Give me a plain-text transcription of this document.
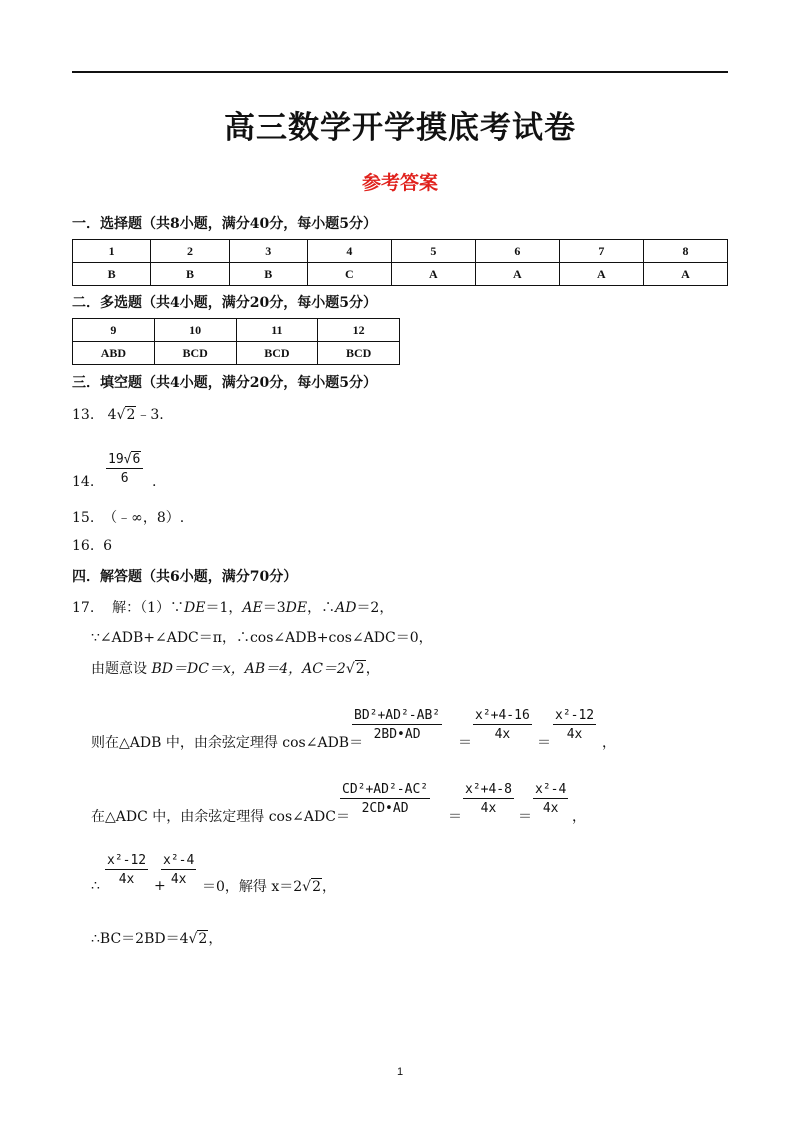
高三数学开学摸底考试卷
参考答案
一．选择题（共8小题，满分40分，每小题5分）
1	2	3	4	5	6	7	8
B	B	B	C	A	A	A	A
二．多选题（共4小题，满分20分，每小题5分）
9	10	11	12
ABD	BCD	BCD	BCD
三．填空题（共4小题，满分20分，每小题5分）
13. 4√2﹣3.
14. $\frac{19√6}{6}$ .
15. （﹣∞，8）.
16. 6
四．解答题（共6小题，满分70分）
17. 解：（1）∵DE＝1，AE＝3DE，∴AD＝2，
∵∠ADB+∠ADC＝π，∴cos∠ADB+cos∠ADC＝0，
由题意设 BD＝DC＝x，AB＝4，AC＝2√2，
则在△ADB 中，由余弦定理得 cos∠ADB＝
$\frac{\text{BD²+AD²-AB²}}{2BD•AD}$
＝
$\frac{\text{x²+4-16}}{4x}$
＝
$\frac{\text{x²-12}}{4x}$
，
在△ADC 中，由余弦定理得 cos∠ADC＝
$\frac{\text{CD²+AD²-AC²}}{2CD•AD}$
＝
$\frac{\text{x²+4-8}}{4x}$
＝
$\frac{\text{x²-4}}{4x}$
，
∴ $\frac{\text{x²-12}}{4x}$ +
$\frac{\text{x²-4}}{4x} =0$，解得 x＝2√2，
∴BC＝2BD＝4√2，
1
